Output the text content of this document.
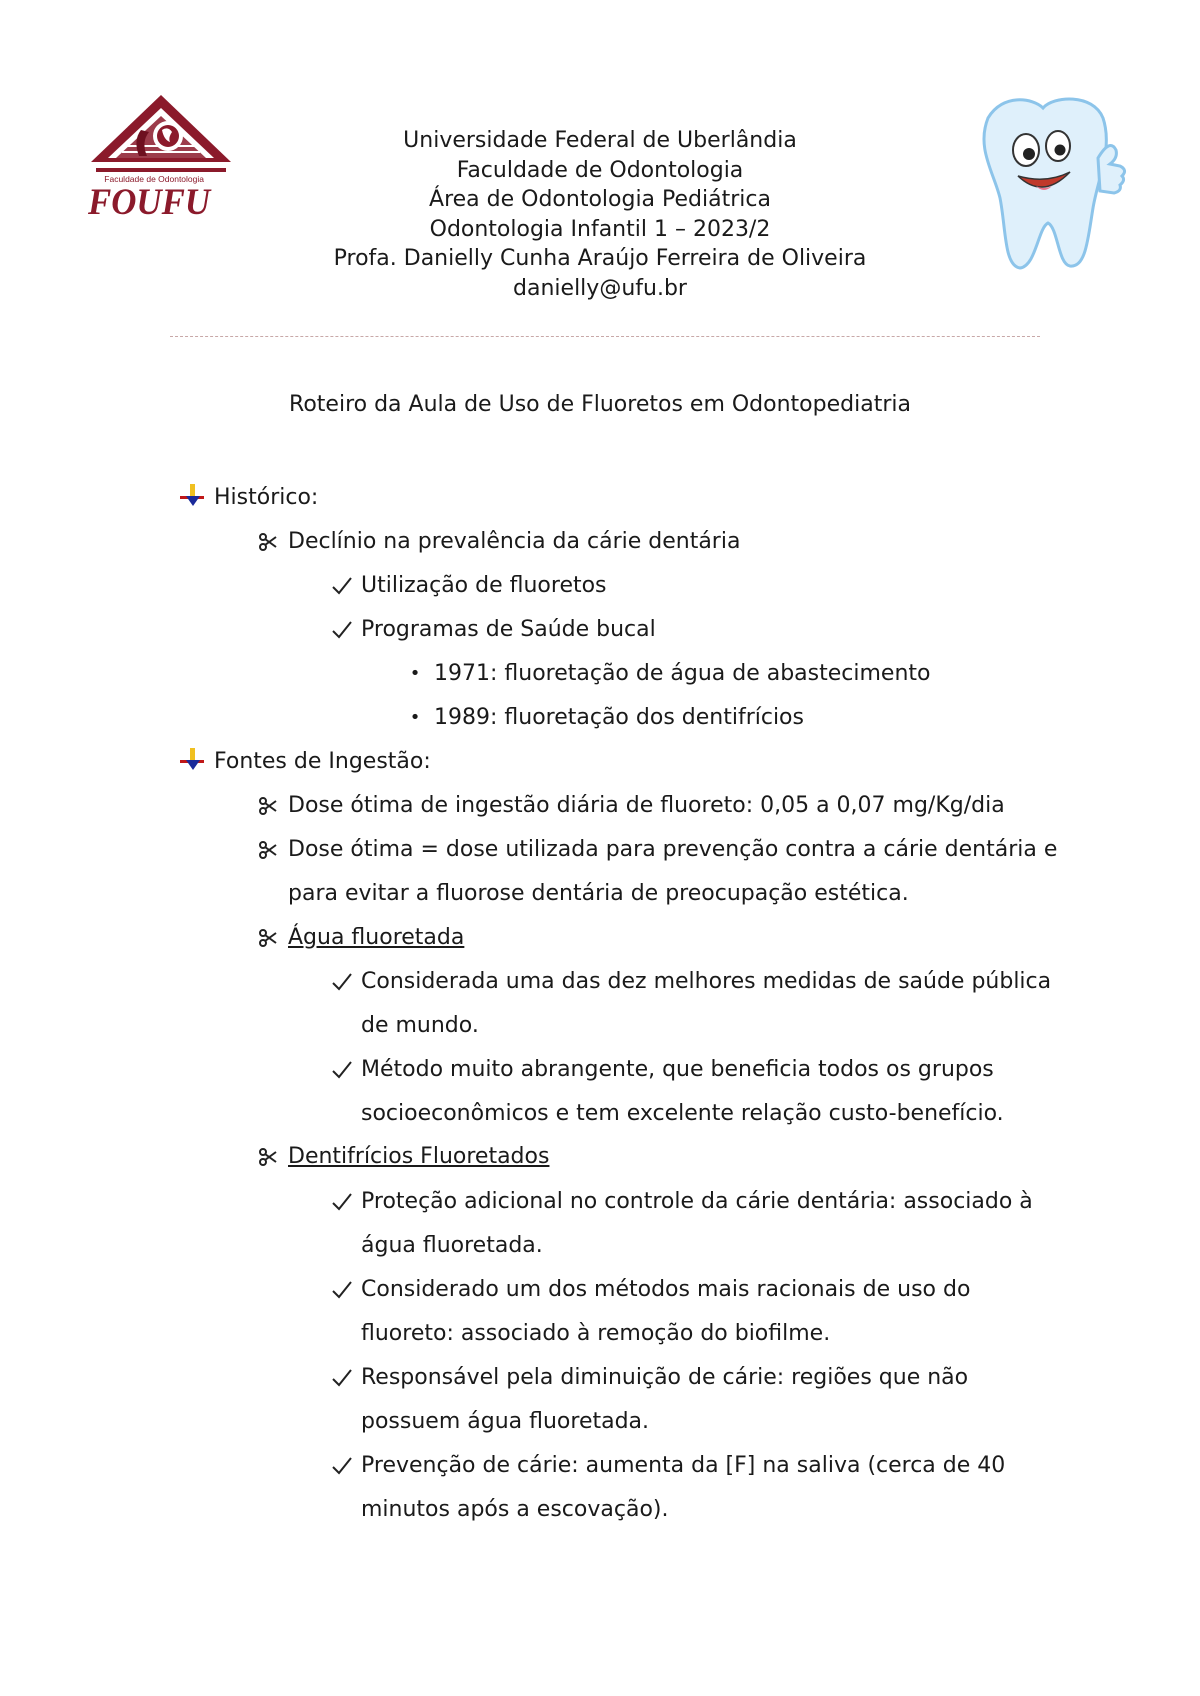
Faculdade de Odontologia
FOUFU
Universidade Federal de Uberlândia
Faculdade de Odontologia
Área de Odontologia Pediátrica
Odontologia Infantil 1 – 2023/2
Profa. Danielly Cunha Araújo Ferreira de Oliveira
danielly@ufu.br
Roteiro da Aula de Uso de Fluoretos em Odontopediatria
Histórico:
Declínio na prevalência da cárie dentária
Utilização de fluoretos
Programas de Saúde bucal
• 1971: fluoretação de água de abastecimento
• 1989: fluoretação dos dentifrícios
Fontes de Ingestão:
Dose ótima de ingestão diária de fluoreto: 0,05 a 0,07 mg/Kg/dia
Dose ótima = dose utilizada para prevenção contra a cárie dentária e
para evitar a fluorose dentária de preocupação estética.
Água fluoretada
Considerada uma das dez melhores medidas de saúde pública
de mundo.
Método muito abrangente, que beneficia todos os grupos
socioeconômicos e tem excelente relação custo-benefício.
Dentifrícios Fluoretados
Proteção adicional no controle da cárie dentária: associado à
água fluoretada.
Considerado um dos métodos mais racionais de uso do
fluoreto: associado à remoção do biofilme.
Responsável pela diminuição de cárie: regiões que não
possuem água fluoretada.
Prevenção de cárie: aumenta da [F] na saliva (cerca de 40
minutos após a escovação).
